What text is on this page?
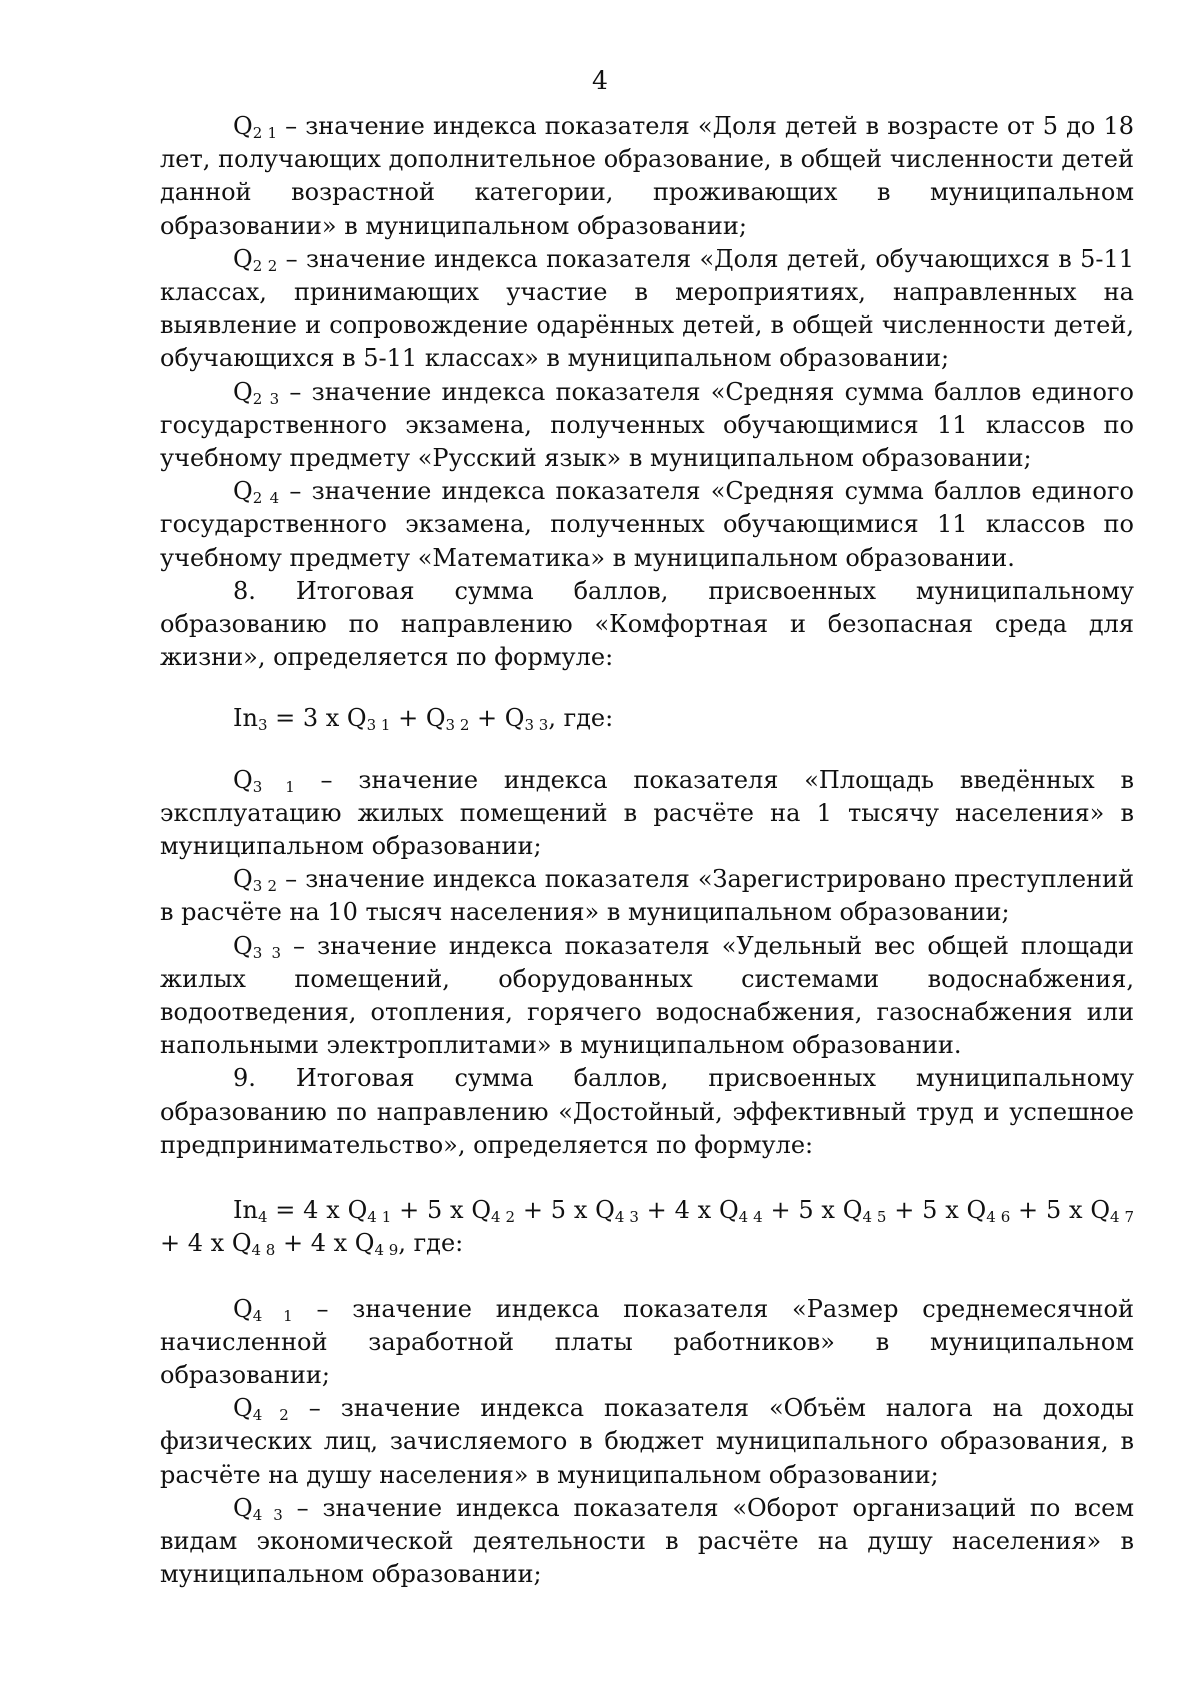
4

$Q_{2 1}$ – значение индекса показателя «Доля детей в возрасте от 5 до 18 лет, получающих дополнительное образование, в общей численности детей данной возрастной категории, проживающих в муниципальном образовании» в муниципальном образовании;

$Q_{2 2}$ – значение индекса показателя «Доля детей, обучающихся в 5-11 классах, принимающих участие в мероприятиях, направленных на выявление и сопровождение одарённых детей, в общей численности детей, обучающихся в 5-11 классах» в муниципальном образовании;

$Q_{2 3}$ – значение индекса показателя «Средняя сумма баллов единого государственного экзамена, полученных обучающимися 11 классов по учебному предмету «Русский язык» в муниципальном образовании;

$Q_{2 4}$ – значение индекса показателя «Средняя сумма баллов единого государственного экзамена, полученных обучающимися 11 классов по учебному предмету «Математика» в муниципальном образовании.

8. Итоговая сумма баллов, присвоенных муниципальному образованию по направлению «Комфортная и безопасная среда для жизни», определяется по формуле:

$In_3 = 3$ x $Q_{3 1} + Q_{3 2} + Q_{3 3}$, где:

$Q_{3 1}$ – значение индекса показателя «Площадь введённых в эксплуатацию жилых помещений в расчёте на 1 тысячу населения» в муниципальном образовании;

$Q_{3 2}$ – значение индекса показателя «Зарегистрировано преступлений в расчёте на 10 тысяч населения» в муниципальном образовании;

$Q_{3 3}$ – значение индекса показателя «Удельный вес общей площади жилых помещений, оборудованных системами водоснабжения, водоотведения, отопления, горячего водоснабжения, газоснабжения или напольными электроплитами» в муниципальном образовании.

9. Итоговая сумма баллов, присвоенных муниципальному образованию по направлению «Достойный, эффективный труд и успешное предпринимательство», определяется по формуле:

$In_4 = 4$ x $Q_{4 1} + 5$ x $Q_{4 2} + 5$ x $Q_{4 3} + 4$ x $Q_{4 4} + 5$ x $Q_{4 5} + 5$ x $Q_{4 6} + 5$ x $Q_{4 7} + 4$ x $Q_{4 8} + 4$ x $Q_{4 9}$, где:

$Q_{4 1}$ – значение индекса показателя «Размер среднемесячной начисленной заработной платы работников» в муниципальном образовании;

$Q_{4 2}$ – значение индекса показателя «Объём налога на доходы физических лиц, зачисляемого в бюджет муниципального образования, в расчёте на душу населения» в муниципальном образовании;

$Q_{4 3}$ – значение индекса показателя «Оборот организаций по всем видам экономической деятельности в расчёте на душу населения» в муниципальном образовании;
